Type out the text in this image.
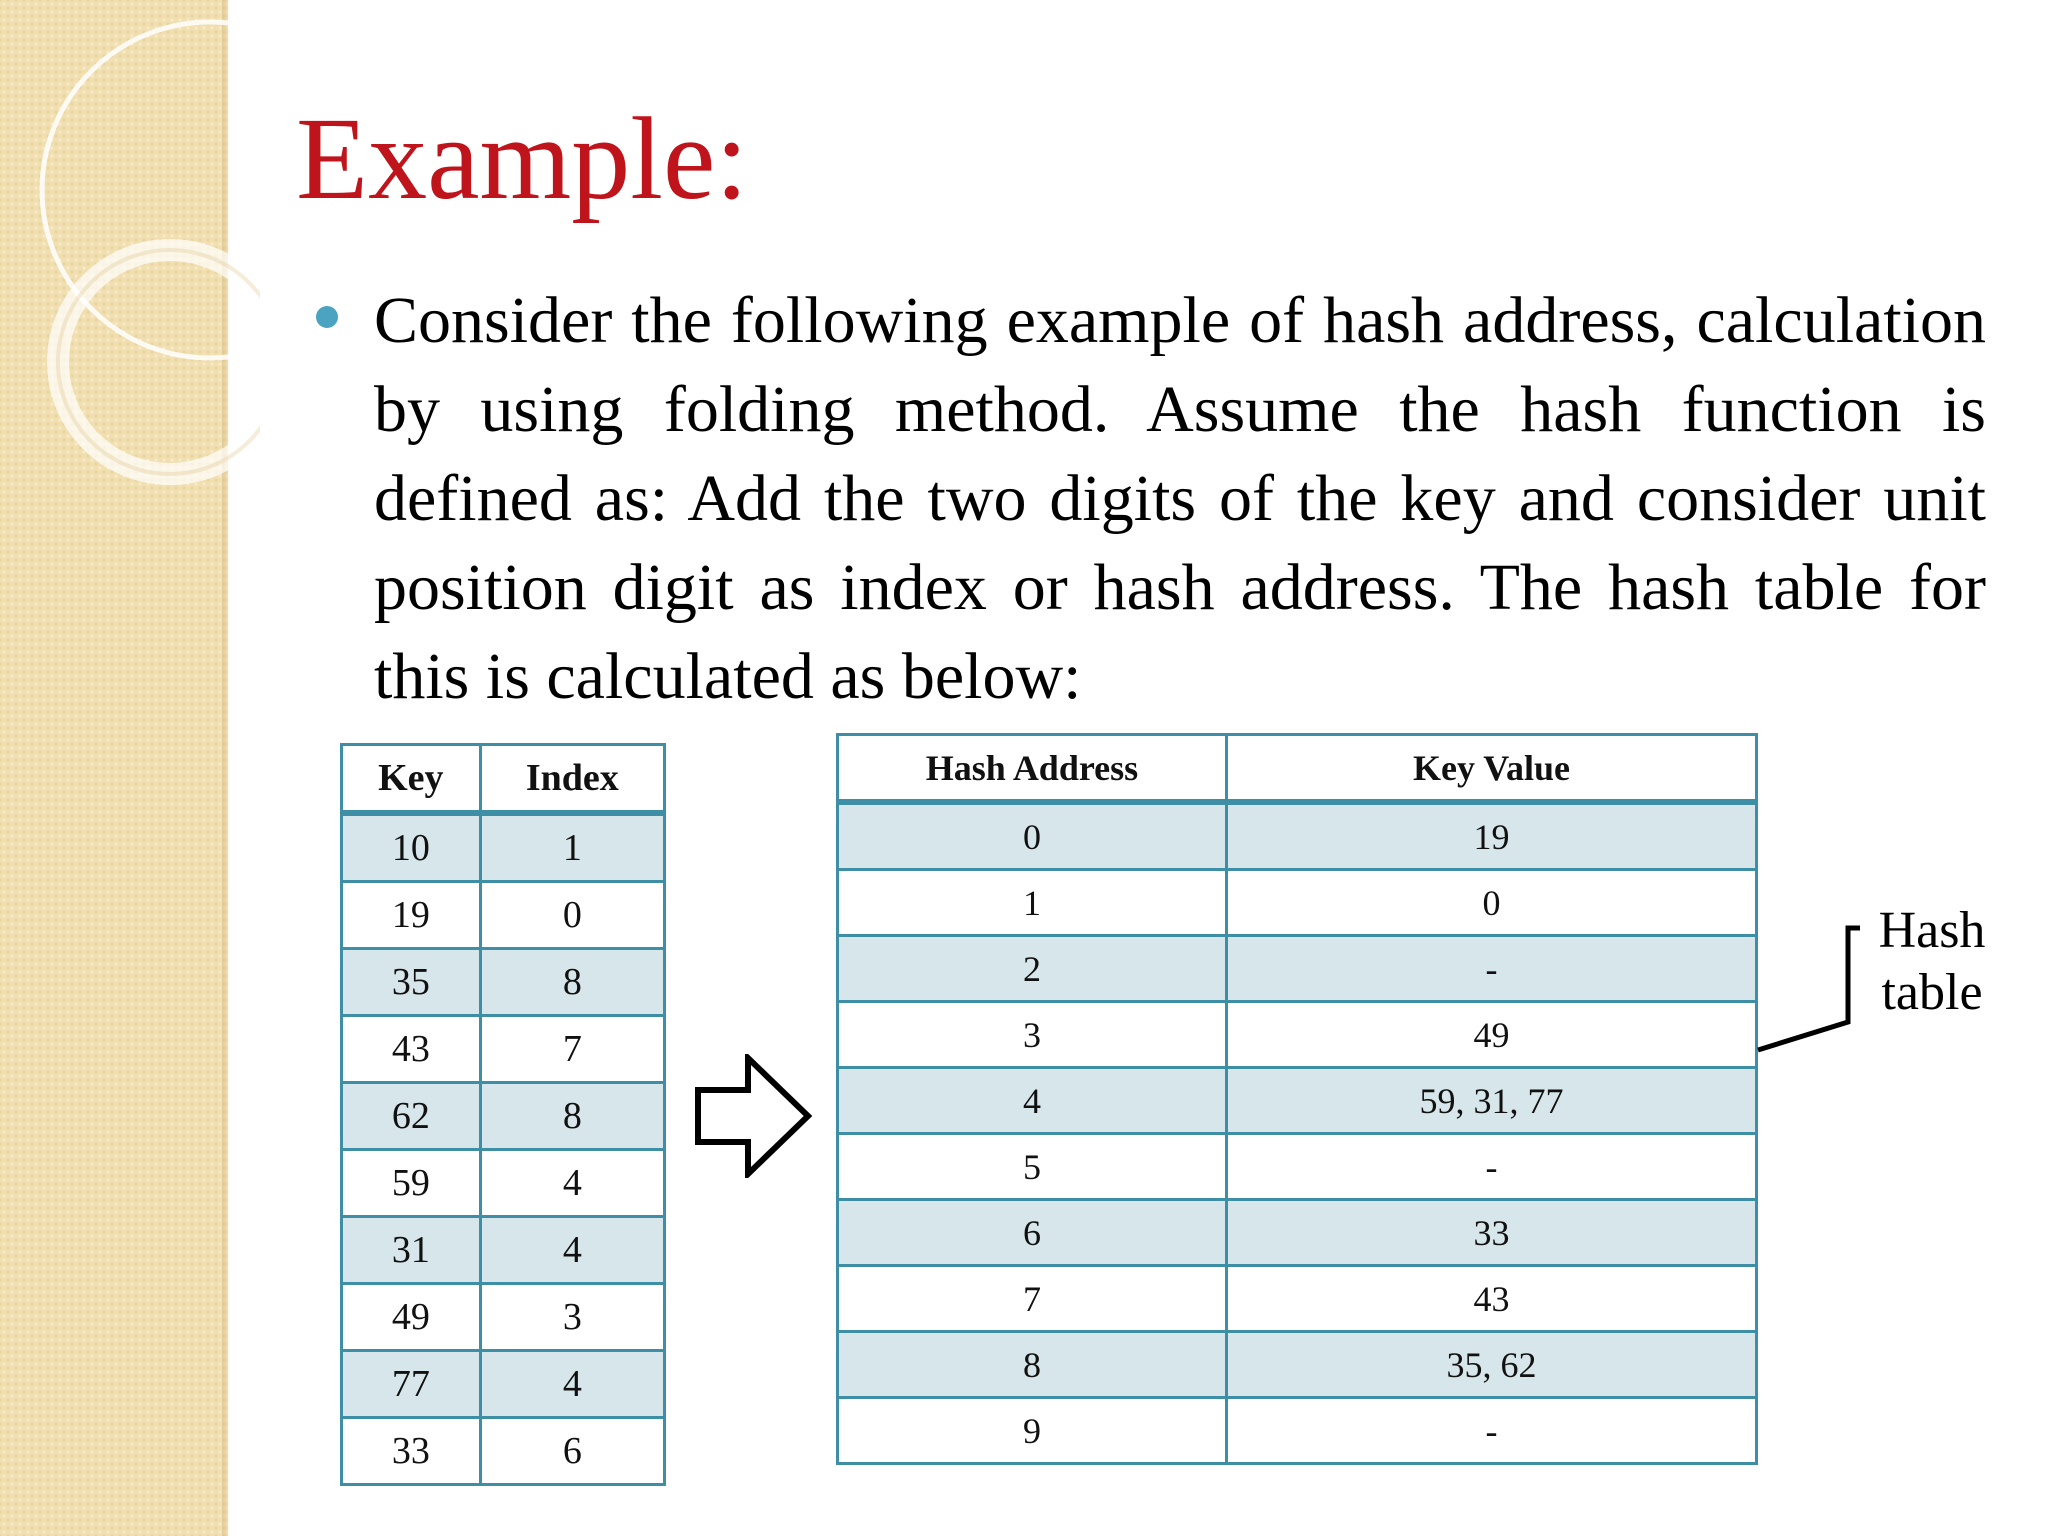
Example:

Consider the following example of hash address, calculation by using folding method. Assume the hash function is defined as: Add the two digits of the key and consider unit position digit as index or hash address. The hash table for this is calculated as below:

Key	Index
10	1
19	0
35	8
43	7
62	8
59	4
31	4
49	3
77	4
33	6
Hash Address	Key Value
0	19
1	0
2	-
3	49
4	59, 31, 77
5	-
6	33
7	43
8	35, 62
9	-

Hash
table
